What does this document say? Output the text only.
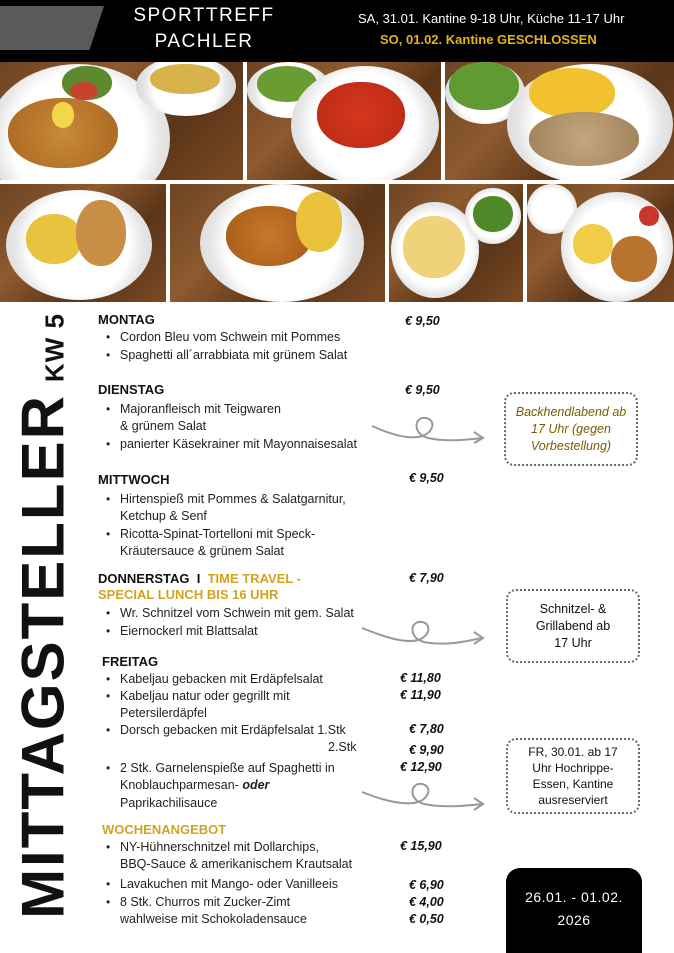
SPORTTREFF
PACHLER
SA, 31.01. Kantine 9-18 Uhr, Küche 11-17 Uhr
SO, 01.02. Kantine GESCHLOSSEN
MITTAGSTELLERKW 5	MONTAG	€ 9,50
• Cordon Bleu vom Schwein mit Pommes
• Spaghetti all´arrabbiata mit grünem Salat
DIENSTAG	€ 9,50
• Majoranfleisch mit Teigwaren
& grünem Salat
• panierter Käsekrainer mit Mayonnaisesalat
MITTWOCH	€ 9,50
• Hirtenspieß mit Pommes & Salatgarnitur,
Ketchup & Senf
• Ricotta-Spinat-Tortelloni mit Speck-
Kräutersauce & grünem Salat
DONNERSTAG I TIME TRAVEL -
SPECIAL LUNCH BIS 16 UHR
€ 7,90
• Wr. Schnitzel vom Schwein mit gem. Salat
• Eiernockerl mit Blattsalat
FREITAG
• Kabeljau gebacken mit Erdäpfelsalat	€ 11,80
• Kabeljau natur oder gegrillt mit	€ 11,90
Petersilerdäpfel
• Dorsch gebacken mit Erdäpfelsalat 1.Stk	€ 7,80
2.Stk	€ 9,90
• 2 Stk. Garnelenspieße auf Spaghetti in	€ 12,90
Knoblauchparmesan- oder
Paprikachilisauce
WOCHENANGEBOT
• NY-Hühnerschnitzel mit Dollarchips,	€ 15,90
BBQ-Sauce & amerikanischem Krautsalat
• Lavakuchen mit Mango- oder Vanilleeis	€ 6,90
• 8 Stk. Churros mit Zucker-Zimt	€ 4,00
wahlweise mit Schokoladensauce	€ 0,50
Backhendlabend ab
17 Uhr (gegen
Vorbestellung)
Schnitzel- &
Grillabend ab
17 Uhr
FR, 30.01. ab 17
Uhr Hochrippe-
Essen, Kantine
ausreserviert
26.01. - 01.02.
2026
